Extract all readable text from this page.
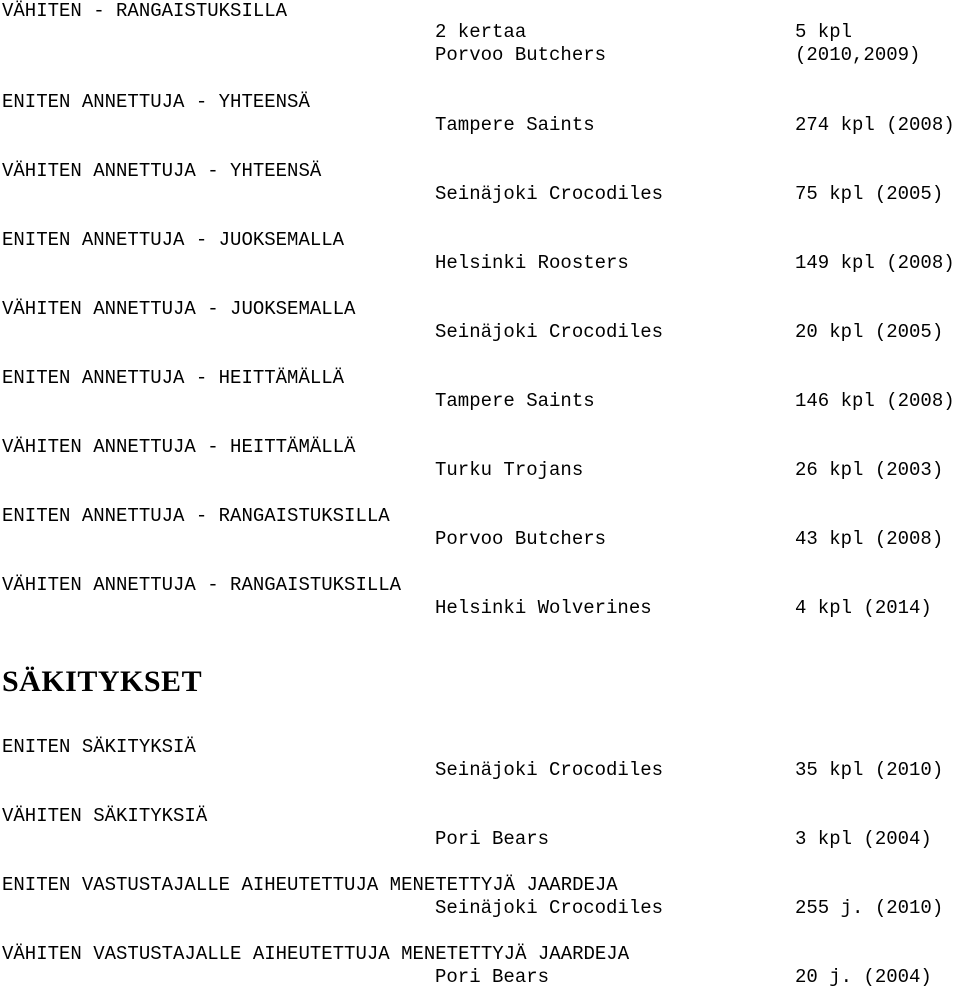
VÄHITEN - RANGAISTUKSILLA

2 kertaa	5 kpl

Porvoo Butchers	(2010,2009)

ENITEN ANNETTUJA - YHTEENSÄ

Tampere Saints	274 kpl (2008)

VÄHITEN ANNETTUJA - YHTEENSÄ

Seinäjoki Crocodiles	75 kpl (2005)

ENITEN ANNETTUJA - JUOKSEMALLA

Helsinki Roosters	149 kpl (2008)

VÄHITEN ANNETTUJA - JUOKSEMALLA

Seinäjoki Crocodiles	20 kpl (2005)

ENITEN ANNETTUJA - HEITTÄMÄLLÄ

Tampere Saints	146 kpl (2008)

VÄHITEN ANNETTUJA - HEITTÄMÄLLÄ

Turku Trojans	26 kpl (2003)

ENITEN ANNETTUJA - RANGAISTUKSILLA

Porvoo Butchers	43 kpl (2008)

VÄHITEN ANNETTUJA - RANGAISTUKSILLA

Helsinki Wolverines	4 kpl (2014)

SÄKITYKSET

ENITEN SÄKITYKSIÄ

Seinäjoki Crocodiles	35 kpl (2010)

VÄHITEN SÄKITYKSIÄ

Pori Bears	3 kpl (2004)

ENITEN VASTUSTAJALLE AIHEUTETTUJA MENETETTYJÄ JAARDEJA

Seinäjoki Crocodiles	255 j. (2010)

VÄHITEN VASTUSTAJALLE AIHEUTETTUJA MENETETTYJÄ JAARDEJA

Pori Bears	20 j. (2004)
